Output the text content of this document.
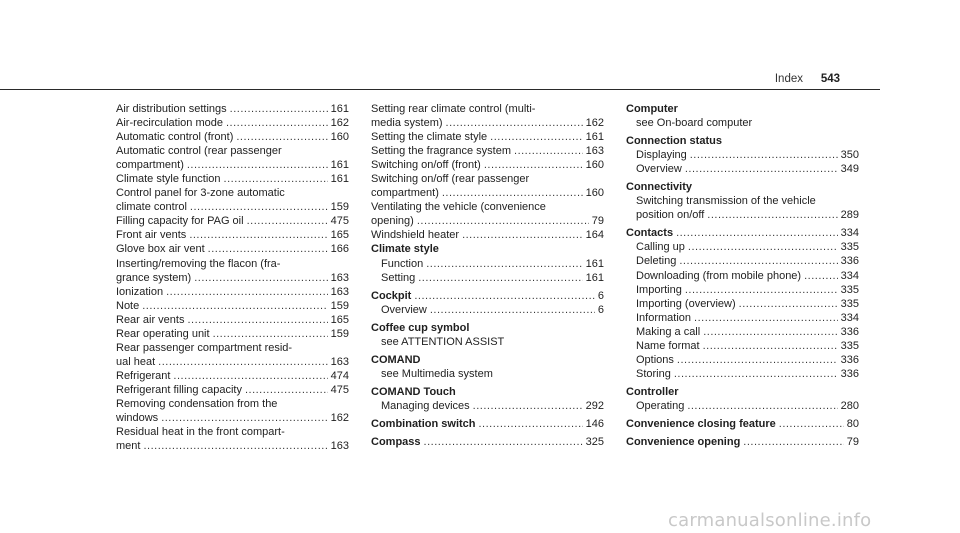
Index 543
Air distribution settings .....	161
Air-recirculation mode .....	162
Automatic control (front) .....	160
Automatic control (rear passenger
compartment) .....	161
Climate style function .....	161
Control panel for 3-zone automatic
climate control .....	159
Filling capacity for PAG oil .....	475
Front air vents .....	165
Glove box air vent .....	166
Inserting/removing the flacon (fra-
grance system) .....	163
Ionization .....	163
Note .....	159
Rear air vents .....	165
Rear operating unit .....	159
Rear passenger compartment resid-
ual heat .....	163
Refrigerant .....	474
Refrigerant filling capacity .....	475
Removing condensation from the
windows .....	162
Residual heat in the front compart-
ment .....	163
Setting rear climate control (multi-
media system) .....	162
Setting the climate style .....	161
Setting the fragrance system .....	163
Switching on/off (front) .....	160
Switching on/off (rear passenger
compartment) .....	160
Ventilating the vehicle (convenience
opening) .....	79
Windshield heater .....	164
Climate style
Function .....	161
Setting .....	161
Cockpit .....	6
Overview .....	6
Coffee cup symbol
see ATTENTION ASSIST
COMAND
see Multimedia system
COMAND Touch
Managing devices .....	292
Combination switch .....	146
Compass .....	325
Computer
see On-board computer
Connection status
Displaying .....	350
Overview .....	349
Connectivity
Switching transmission of the vehicle
position on/off .....	289
Contacts .....	334
Calling up .....	335
Deleting .....	336
Downloading (from mobile phone) .....	334
Importing .....	335
Importing (overview) .....	335
Information .....	334
Making a call .....	336
Name format .....	335
Options .....	336
Storing .....	336
Controller
Operating .....	280
Convenience closing feature .....	80
Convenience opening .....	79
carmanualsonline.info
